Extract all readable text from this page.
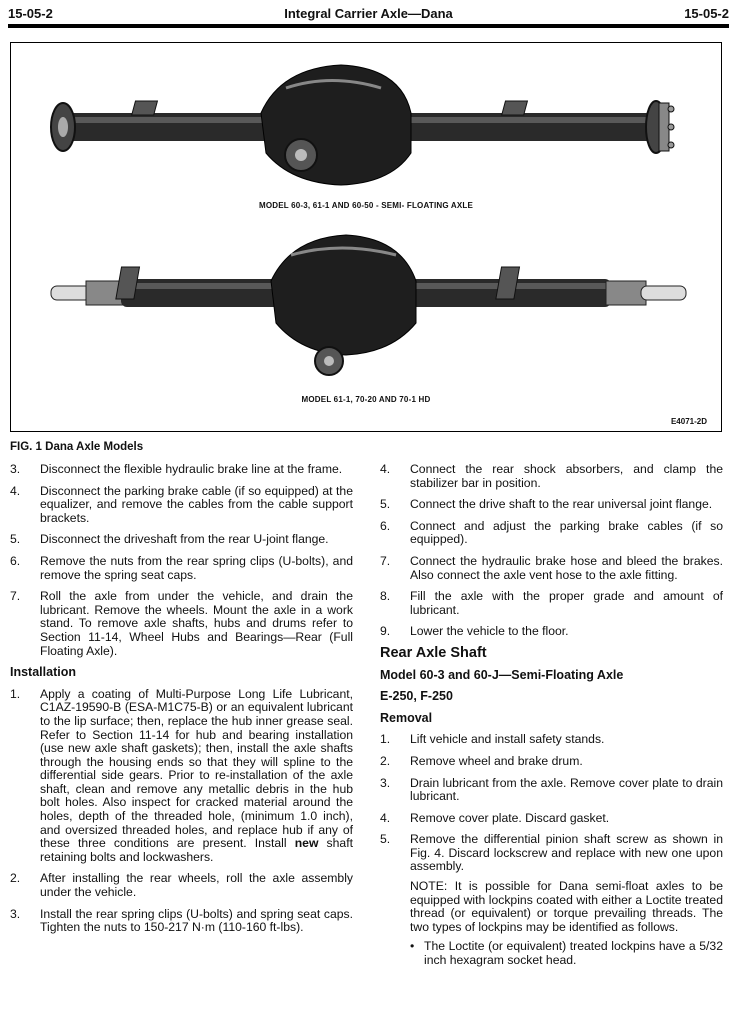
15-05-2	Integral Carrier Axle—Dana	15-05-2
MODEL 60-3, 61-1 AND 60-50 - SEMI- FLOATING AXLE
MODEL 61-1, 70-20 AND 70-1 HD
E4071-2D
FIG. 1 Dana Axle Models
3. Disconnect the flexible hydraulic brake line at the frame.
4. Disconnect the parking brake cable (if so equipped) at the equalizer, and remove the cables from the cable support brackets.
5. Disconnect the driveshaft from the rear U-joint flange.
6. Remove the nuts from the rear spring clips (U-bolts), and remove the spring seat caps.
7. Roll the axle from under the vehicle, and drain the lubricant. Remove the wheels. Mount the axle in a work stand. To remove axle shafts, hubs and drums refer to Section 11-14, Wheel Hubs and Bearings—Rear (Full Floating Axle).
Installation
1. Apply a coating of Multi-Purpose Long Life Lubricant, C1AZ-19590-B (ESA-M1C75-B) or an equivalent lubricant to the lip surface; then, replace the hub inner grease seal. Refer to Section 11-14 for hub and bearing installation (use new axle shaft gaskets); then, install the axle shafts through the housing ends so that they will spline to the differential side gears. Prior to re-installation of the axle shaft, clean and remove any metallic debris in the hub bolt holes. Also inspect for cracked material around the holes, depth of the threaded hole, (minimum 1.0 inch), and oversized threaded holes, and replace hub if any of these three conditions are present. Install new shaft retaining bolts and lockwashers.
2. After installing the rear wheels, roll the axle assembly under the vehicle.
3. Install the rear spring clips (U-bolts) and spring seat caps. Tighten the nuts to 150-217 N·m (110-160 ft-lbs).
4. Connect the rear shock absorbers, and clamp the stabilizer bar in position.
5. Connect the drive shaft to the rear universal joint flange.
6. Connect and adjust the parking brake cables (if so equipped).
7. Connect the hydraulic brake hose and bleed the brakes. Also connect the axle vent hose to the axle fitting.
8. Fill the axle with the proper grade and amount of lubricant.
9. Lower the vehicle to the floor.
Rear Axle Shaft
Model 60-3 and 60-J—Semi-Floating Axle
E-250, F-250
Removal
1. Lift vehicle and install safety stands.
2. Remove wheel and brake drum.
3. Drain lubricant from the axle. Remove cover plate to drain lubricant.
4. Remove cover plate. Discard gasket.
5. Remove the differential pinion shaft screw as shown in Fig. 4. Discard lockscrew and replace with new one upon assembly.
NOTE: It is possible for Dana semi-float axles to be equipped with lockpins coated with either a Loctite treated thread (or equivalent) or torque prevailing threads. The two types of lockpins may be identified as follows.
• The Loctite (or equivalent) treated lockpins have a 5/32 inch hexagram socket head.
